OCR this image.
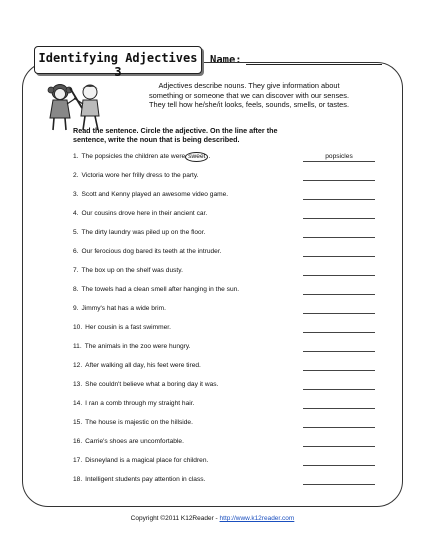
Identifying Adjectives 3
Name:

Adjectives describe nouns. They give information about

something or someone that we can discover with our senses.

They tell how he/she/it looks, feels, sounds, smells, or tastes.

Read the sentence. Circle the adjective. On the line after the

sentence, write the noun that is being described.

1. The popsicles the children ate were sweet .	popsicles
2. Victoria wore her frilly dress to the party.
3. Scott and Kenny played an awesome video game.
4. Our cousins drove here in their ancient car.
5. The dirty laundry was piled up on the floor.
6. Our ferocious dog bared its teeth at the intruder.
7. The box up on the shelf was dusty.
8. The towels had a clean smell after hanging in the sun.
9. Jimmy's hat has a wide brim.
10. Her cousin is a fast swimmer.
11. The animals in the zoo were hungry.
12. After walking all day, his feet were tired.
13. She couldn't believe what a boring day it was.
14. I ran a comb through my straight hair.
15. The house is majestic on the hillside.
16. Carrie's shoes are uncomfortable.
17. Disneyland is a magical place for children.
18. Intelligent students pay attention in class.
Copyright ©2011 K12Reader - http://www.k12reader.com
